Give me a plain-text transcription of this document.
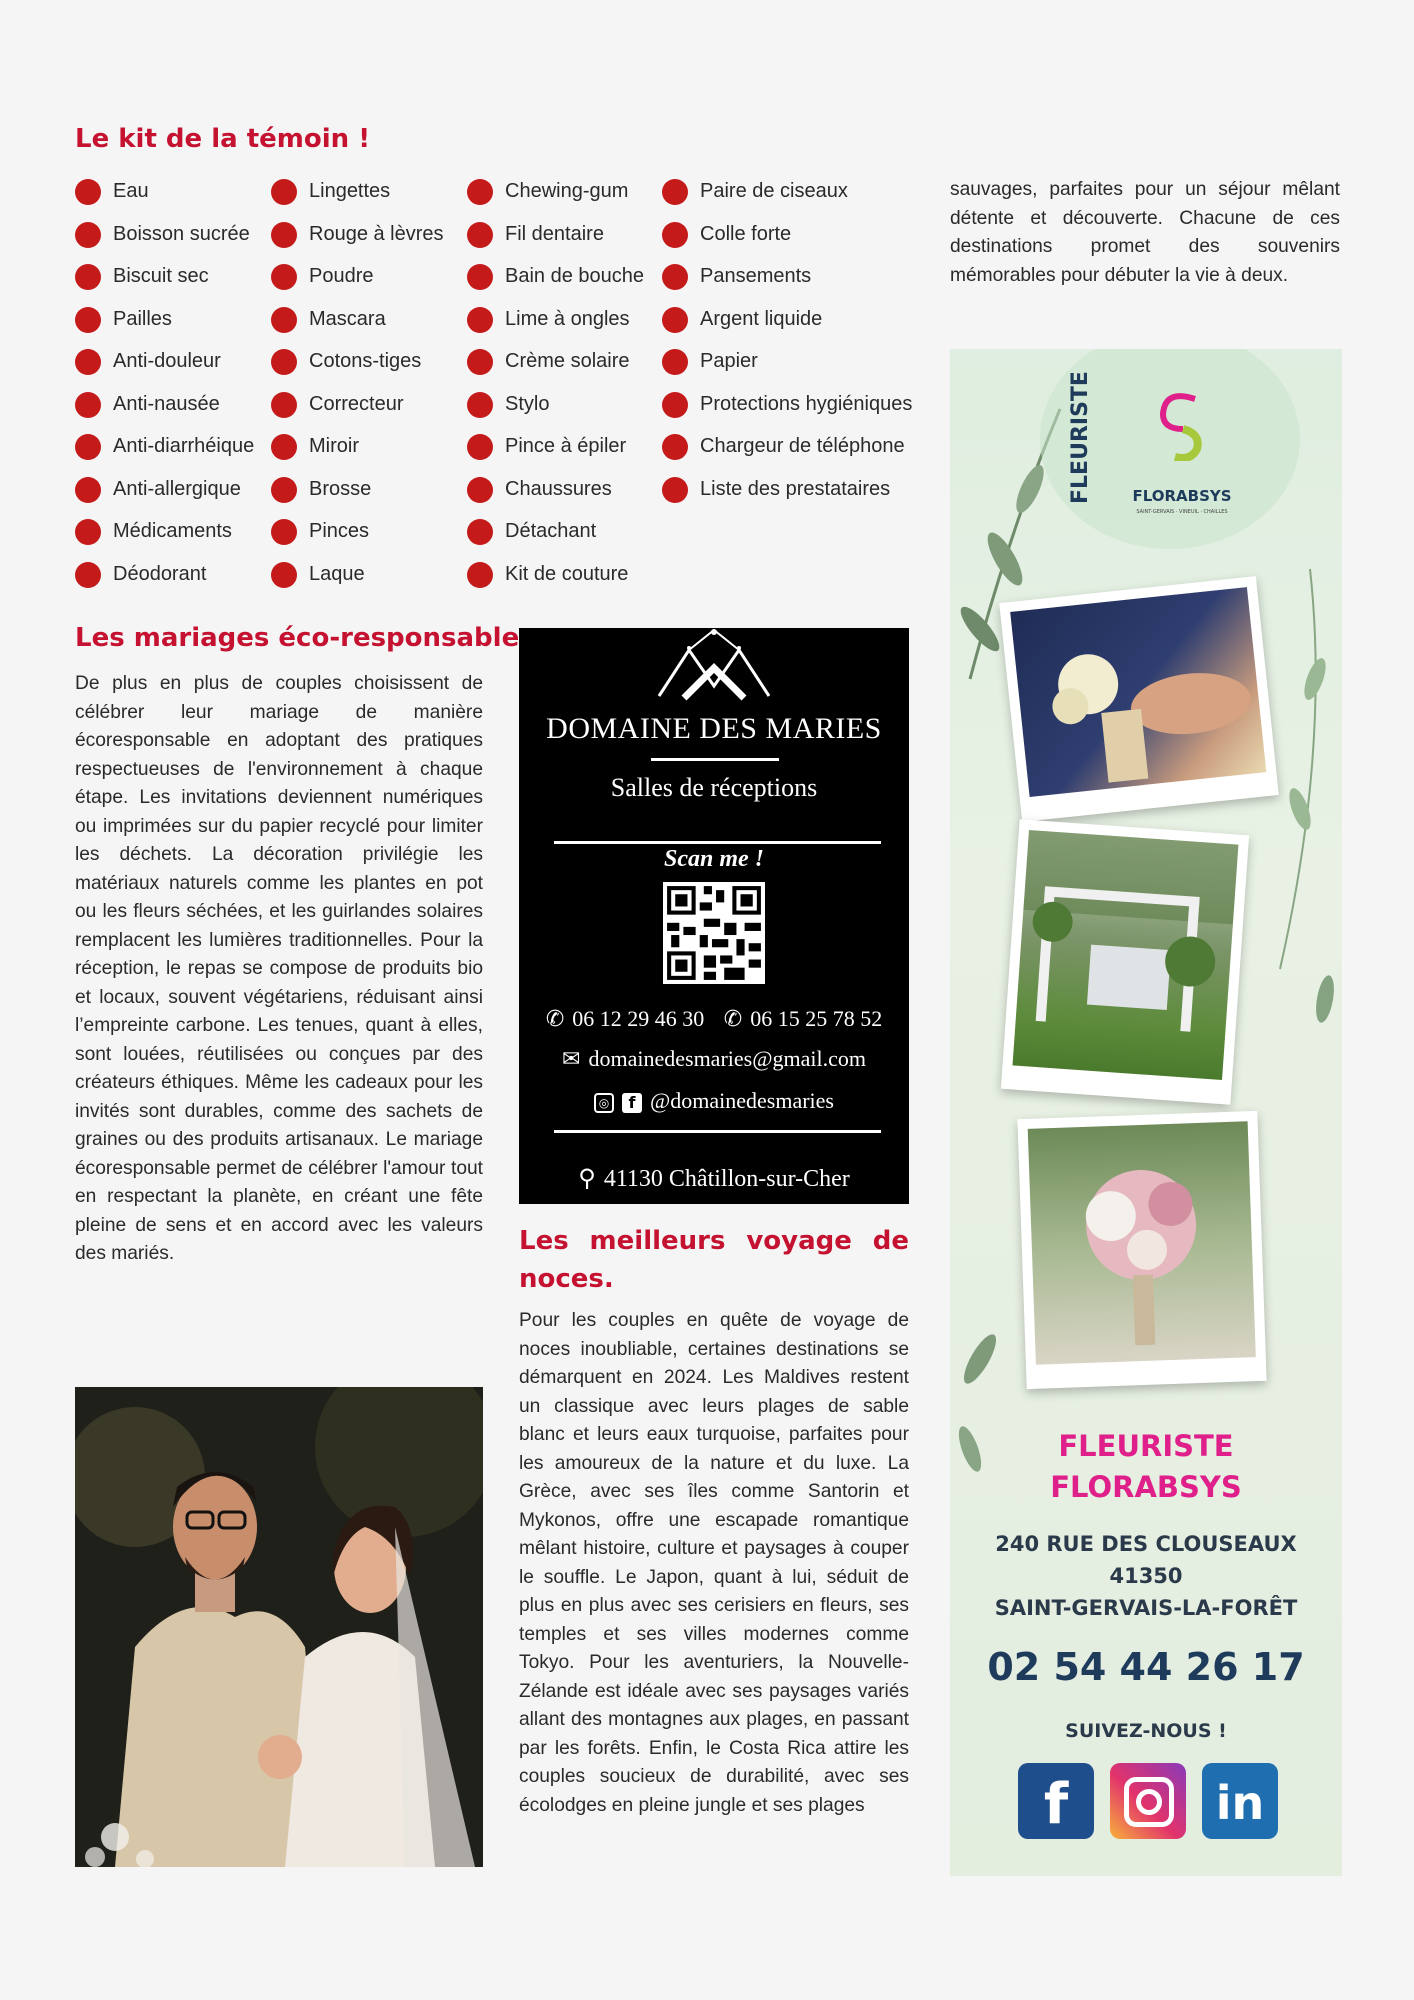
Le kit de la témoin !
Eau
Boisson sucrée
Biscuit sec
Pailles
Anti-douleur
Anti-nausée
Anti-diarrhéique
Anti-allergique
Médicaments
Déodorant
Lingettes
Rouge à lèvres
Poudre
Mascara
Cotons-tiges
Correcteur
Miroir
Brosse
Pinces
Laque
Chewing-gum
Fil dentaire
Bain de bouche
Lime à ongles
Crème solaire
Stylo
Pince à épiler
Chaussures
Détachant
Kit de couture
Paire de ciseaux
Colle forte
Pansements
Argent liquide
Papier
Protections hygiéniques
Chargeur de téléphone
Liste des prestataires

sauvages, parfaites pour un séjour mêlant détente et découverte. Chacune de ces destinations promet des souvenirs mémorables pour débuter la vie à deux.

Les mariages éco-responsable

De plus en plus de couples choisissent de célébrer leur mariage de manière écoresponsable en adoptant des pratiques respectueuses de l'environnement à chaque étape. Les invitations deviennent numériques ou imprimées sur du papier recyclé pour limiter les déchets. La décoration privilégie les matériaux naturels comme les plantes en pot ou les fleurs séchées, et les guirlandes solaires remplacent les lumières traditionnelles. Pour la réception, le repas se compose de produits bio et locaux, souvent végétariens, réduisant ainsi l’empreinte carbone. Les tenues, quant à elles, sont louées, réutilisées ou conçues par des créateurs éthiques. Même les cadeaux pour les invités sont durables, comme des sachets de graines ou des produits artisanaux. Le mariage écoresponsable permet de célébrer l'amour tout en respectant la planète, en créant une fête pleine de sens et en accord avec les valeurs des mariés.

DOMAINE DES MARIES
Salles de réceptions
Scan me !
✆ 06 12 29 46 30 ✆ 06 15 25 78 52
✉ domainedesmaries@gmail.com
◎ f @domainedesmaries
⚲ 41130 Châtillon-sur-Cher
Les meilleurs voyage de noces.

Pour les couples en quête de voyage de noces inoubliable, certaines destinations se démarquent en 2024. Les Maldives restent un classique avec leurs plages de sable blanc et leurs eaux turquoise, parfaites pour les amoureux de la nature et du luxe. La Grèce, avec ses îles comme Santorin et Mykonos, offre une escapade romantique mêlant histoire, culture et paysages à couper le souffle. Le Japon, quant à lui, séduit de plus en plus avec ses cerisiers en fleurs, ses temples et ses villes modernes comme Tokyo. Pour les aventuriers, la Nouvelle-Zélande est idéale avec ses paysages variés allant des montagnes aux plages, en passant par les forêts. Enfin, le Costa Rica attire les couples soucieux de durabilité, avec ses écolodges en pleine jungle et ses plages

FLEURISTE	FLORABSYS
SAINT-GERVAIS · VINEUIL · CHAILLES
FLEURISTE
FLORABSYS
240 RUE DES CLOUSEAUX
41350
SAINT-GERVAIS-LA-FORÊT
02 54 44 26 17
SUIVEZ-NOUS !
f	in
